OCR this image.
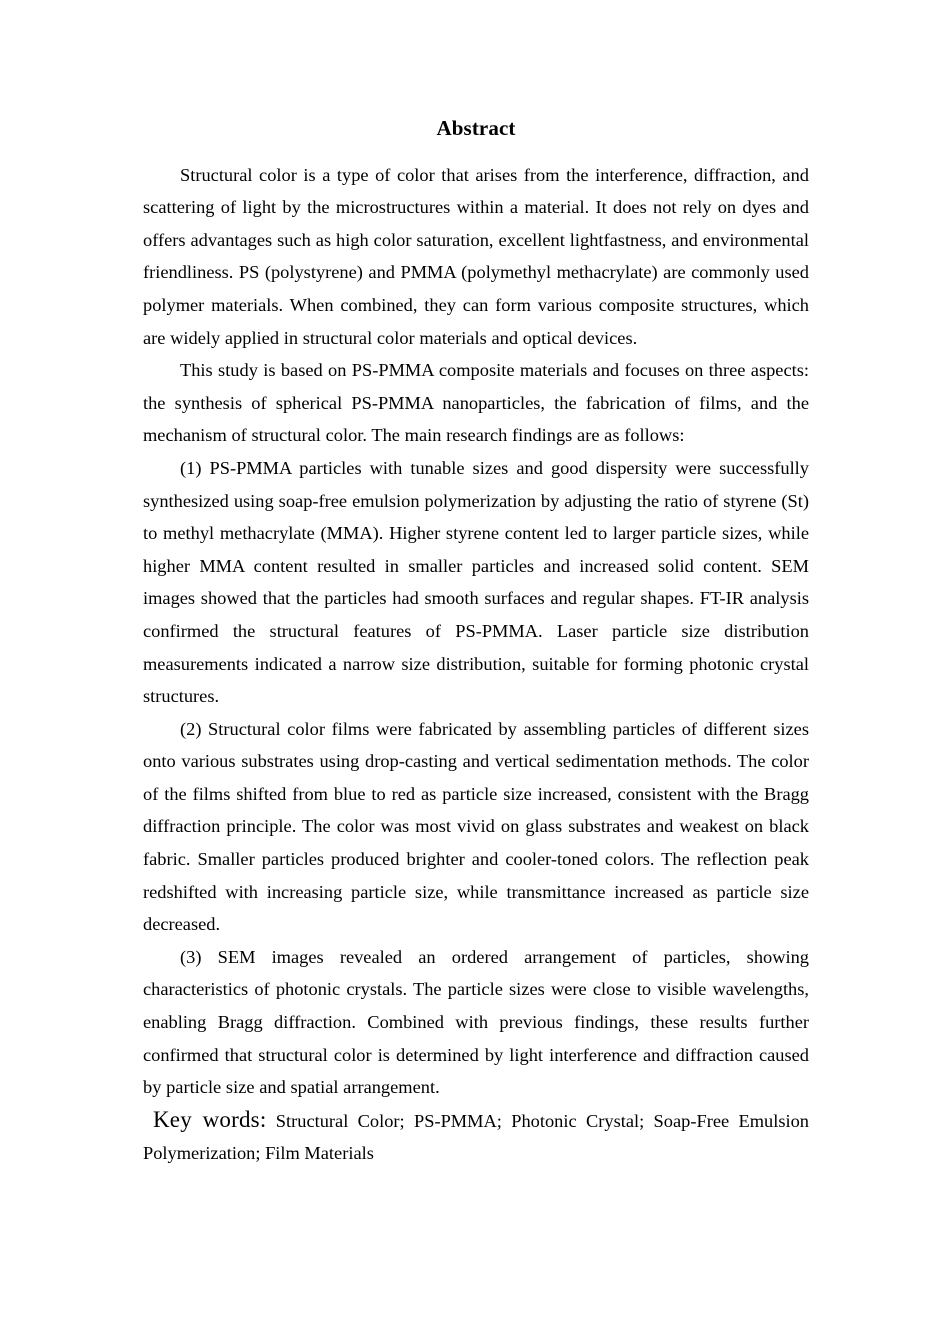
Abstract

Structural color is a type of color that arises from the interference, diffraction, and scattering of light by the microstructures within a material. It does not rely on dyes and offers advantages such as high color saturation, excellent lightfastness, and environmental friendliness. PS (polystyrene) and PMMA (polymethyl methacrylate) are commonly used polymer materials. When combined, they can form various composite structures, which are widely applied in structural color materials and optical devices.

This study is based on PS-PMMA composite materials and focuses on three aspects: the synthesis of spherical PS-PMMA nanoparticles, the fabrication of films, and the mechanism of structural color. The main research findings are as follows:

(1) PS-PMMA particles with tunable sizes and good dispersity were successfully synthesized using soap-free emulsion polymerization by adjusting the ratio of styrene (St) to methyl methacrylate (MMA). Higher styrene content led to larger particle sizes, while higher MMA content resulted in smaller particles and increased solid content. SEM images showed that the particles had smooth surfaces and regular shapes. FT-IR analysis confirmed the structural features of PS-PMMA. Laser particle size distribution measurements indicated a narrow size distribution, suitable for forming photonic crystal structures.

(2) Structural color films were fabricated by assembling particles of different sizes onto various substrates using drop-casting and vertical sedimentation methods. The color of the films shifted from blue to red as particle size increased, consistent with the Bragg diffraction principle. The color was most vivid on glass substrates and weakest on black fabric. Smaller particles produced brighter and cooler-toned colors. The reflection peak redshifted with increasing particle size, while transmittance increased as particle size decreased.

(3) SEM images revealed an ordered arrangement of particles, showing characteristics of photonic crystals. The particle sizes were close to visible wavelengths, enabling Bragg diffraction. Combined with previous findings, these results further confirmed that structural color is determined by light interference and diffraction caused by particle size and spatial arrangement.

Key words: Structural Color; PS-PMMA; Photonic Crystal; Soap-Free Emulsion Polymerization; Film Materials
